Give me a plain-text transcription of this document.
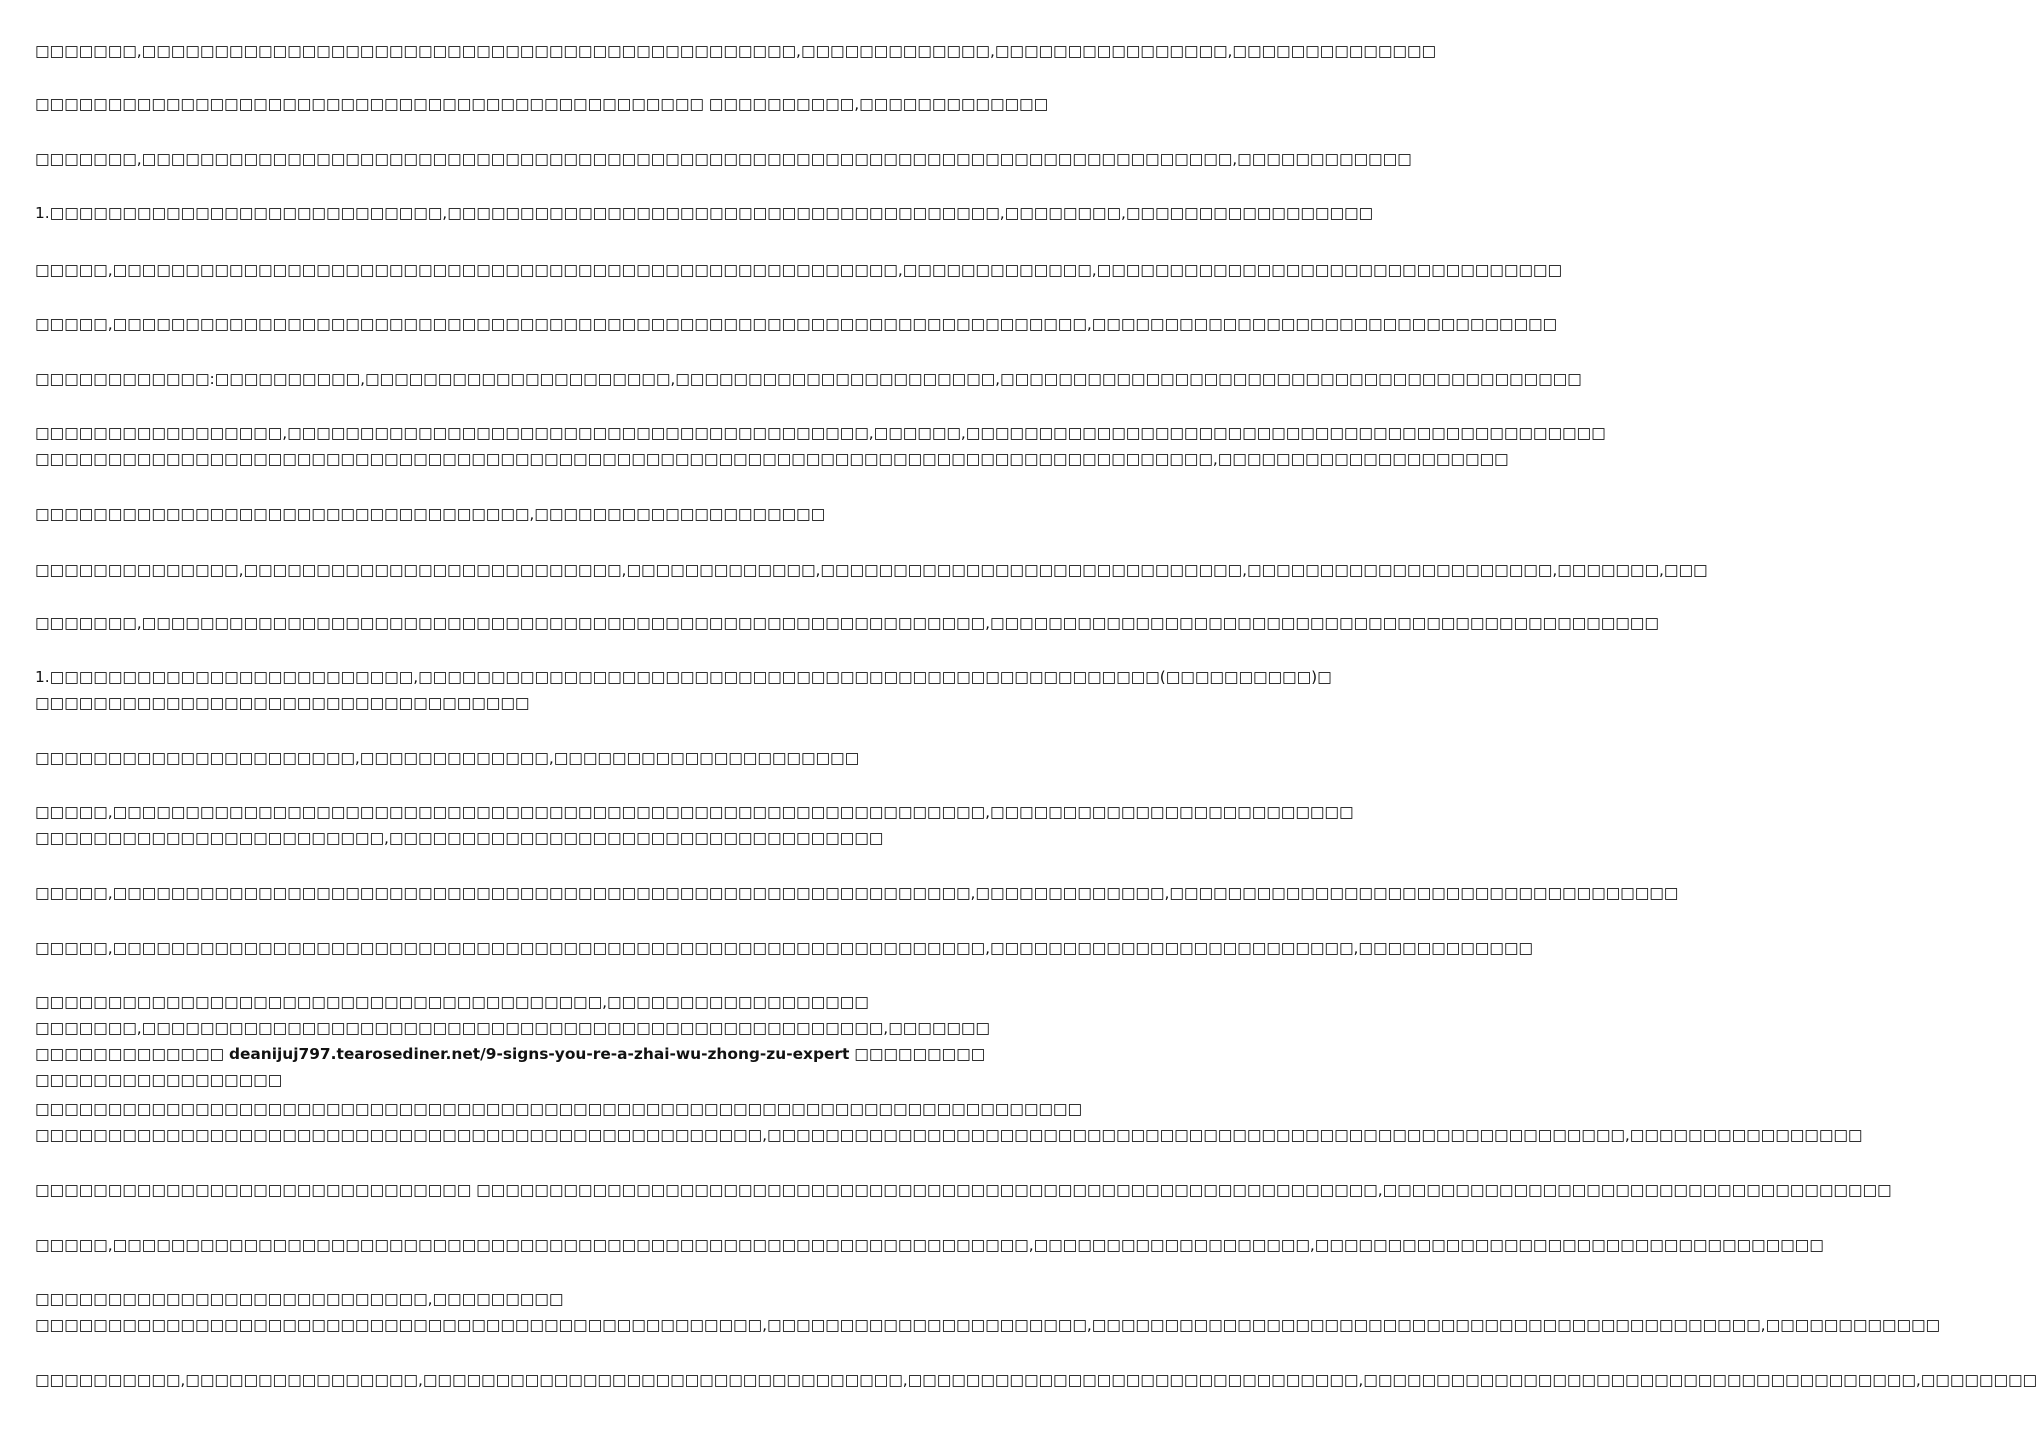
□□□□□□□,□□□□□□□□□□□□□□□□□□□□□□□□□□□□□□□□□□□□□□□□□□□□□,□□□□□□□□□□□□□,□□□□□□□□□□□□□□□□,□□□□□□□□□□□□□□

□□□□□□□□□□□□□□□□□□□□□□□□□□□□□□□□□□□□□□□□□□□□□□ □□□□□□□□□□,□□□□□□□□□□□□□

□□□□□□□,□□□□□□□□□□□□□□□□□□□□□□□□□□□□□□□□□□□□□□□□□□□□□□□□□□□□□□□□□□□□□□□□□□□□□□□□□□□,□□□□□□□□□□□□

1.□□□□□□□□□□□□□□□□□□□□□□□□□□□,□□□□□□□□□□□□□□□□□□□□□□□□□□□□□□□□□□□□□□,□□□□□□□□,□□□□□□□□□□□□□□□□□

□□□□□,□□□□□□□□□□□□□□□□□□□□□□□□□□□□□□□□□□□□□□□□□□□□□□□□□□□□□□,□□□□□□□□□□□□□,□□□□□□□□□□□□□□□□□□□□□□□□□□□□□□□□

□□□□□,□□□□□□□□□□□□□□□□□□□□□□□□□□□□□□□□□□□□□□□□□□□□□□□□□□□□□□□□□□□□□□□□□□□,□□□□□□□□□□□□□□□□□□□□□□□□□□□□□□□□

□□□□□□□□□□□□:□□□□□□□□□□,□□□□□□□□□□□□□□□□□□□□□,□□□□□□□□□□□□□□□□□□□□□□,□□□□□□□□□□□□□□□□□□□□□□□□□□□□□□□□□□□□□□□□

□□□□□□□□□□□□□□□□□,□□□□□□□□□□□□□□□□□□□□□□□□□□□□□□□□□□□□□□□□,□□□□□□,□□□□□□□□□□□□□□□□□□□□□□□□□□□□□□□□□□□□□□□□□□□□
□□□□□□□□□□□□□□□□□□□□□□□□□□□□□□□□□□□□□□□□□□□□□□□□□□□□□□□□□□□□□□□□□□□□□□□□□□□□□□□□□,□□□□□□□□□□□□□□□□□□□□

□□□□□□□□□□□□□□□□□□□□□□□□□□□□□□□□□□,□□□□□□□□□□□□□□□□□□□□

□□□□□□□□□□□□□□,□□□□□□□□□□□□□□□□□□□□□□□□□□,□□□□□□□□□□□□□,□□□□□□□□□□□□□□□□□□□□□□□□□□□□□,□□□□□□□□□□□□□□□□□□□□□,□□□□□□□,□□□

□□□□□□□,□□□□□□□□□□□□□□□□□□□□□□□□□□□□□□□□□□□□□□□□□□□□□□□□□□□□□□□□□□,□□□□□□□□□□□□□□□□□□□□□□□□□□□□□□□□□□□□□□□□□□□□□□

1.□□□□□□□□□□□□□□□□□□□□□□□□□,□□□□□□□□□□□□□□□□□□□□□□□□□□□□□□□□□□□□□□□□□□□□□□□□□□□(□□□□□□□□□□)□
□□□□□□□□□□□□□□□□□□□□□□□□□□□□□□□□□□

□□□□□□□□□□□□□□□□□□□□□□,□□□□□□□□□□□□□,□□□□□□□□□□□□□□□□□□□□□

□□□□□,□□□□□□□□□□□□□□□□□□□□□□□□□□□□□□□□□□□□□□□□□□□□□□□□□□□□□□□□□□□□,□□□□□□□□□□□□□□□□□□□□□□□□□
□□□□□□□□□□□□□□□□□□□□□□□□,□□□□□□□□□□□□□□□□□□□□□□□□□□□□□□□□□□

□□□□□,□□□□□□□□□□□□□□□□□□□□□□□□□□□□□□□□□□□□□□□□□□□□□□□□□□□□□□□□□□□,□□□□□□□□□□□□□,□□□□□□□□□□□□□□□□□□□□□□□□□□□□□□□□□□□

□□□□□,□□□□□□□□□□□□□□□□□□□□□□□□□□□□□□□□□□□□□□□□□□□□□□□□□□□□□□□□□□□□,□□□□□□□□□□□□□□□□□□□□□□□□□,□□□□□□□□□□□□

□□□□□□□□□□□□□□□□□□□□□□□□□□□□□□□□□□□□□□□,□□□□□□□□□□□□□□□□□□
□□□□□□□,□□□□□□□□□□□□□□□□□□□□□□□□□□□□□□□□□□□□□□□□□□□□□□□□□□□,□□□□□□□□□□□□□□□□□□□□ deanijuj797.tearosediner.net/9-signs-you-re-a-zhai-wu-zhong-zu-expert □□□□□□□□□□□□□□□□□□□□□□□□□□

□□□□□□□□□□□□□□□□□□□□□□□□□□□□□□□□□□□□□□□□□□□□□□□□□□□□□□□□□□□□□□□□□□□□□□□□
□□□□□□□□□□□□□□□□□□□□□□□□□□□□□□□□□□□□□□□□□□□□□□□□□□,□□□□□□□□□□□□□□□□□□□□□□□□□□□□□□□□□□□□□□□□□□□□□□□□□□□□□□□□□□□,□□□□□□□□□□□□□□□□

□□□□□□□□□□□□□□□□□□□□□□□□□□□□□□ □□□□□□□□□□□□□□□□□□□□□□□□□□□□□□□□□□□□□□□□□□□□□□□□□□□□□□□□□□□□□□,□□□□□□□□□□□□□□□□□□□□□□□□□□□□□□□□□□□

□□□□□,□□□□□□□□□□□□□□□□□□□□□□□□□□□□□□□□□□□□□□□□□□□□□□□□□□□□□□□□□□□□□□□,□□□□□□□□□□□□□□□□□□□,□□□□□□□□□□□□□□□□□□□□□□□□□□□□□□□□□□□

□□□□□□□□□□□□□□□□□□□□□□□□□□□,□□□□□□□□□
□□□□□□□□□□□□□□□□□□□□□□□□□□□□□□□□□□□□□□□□□□□□□□□□□□,□□□□□□□□□□□□□□□□□□□□□□,□□□□□□□□□□□□□□□□□□□□□□□□□□□□□□□□□□□□□□□□□□□□□□,□□□□□□□□□□□□

□□□□□□□□□□,□□□□□□□□□□□□□□□□,□□□□□□□□□□□□□□□□□□□□□□□□□□□□□□□□□,□□□□□□□□□□□□□□□□□□□□□□□□□□□□□□□,□□□□□□□□□□□□□□□□□□□□□□□□□□□□□□□□□□□□□□,□□□□□□□□
